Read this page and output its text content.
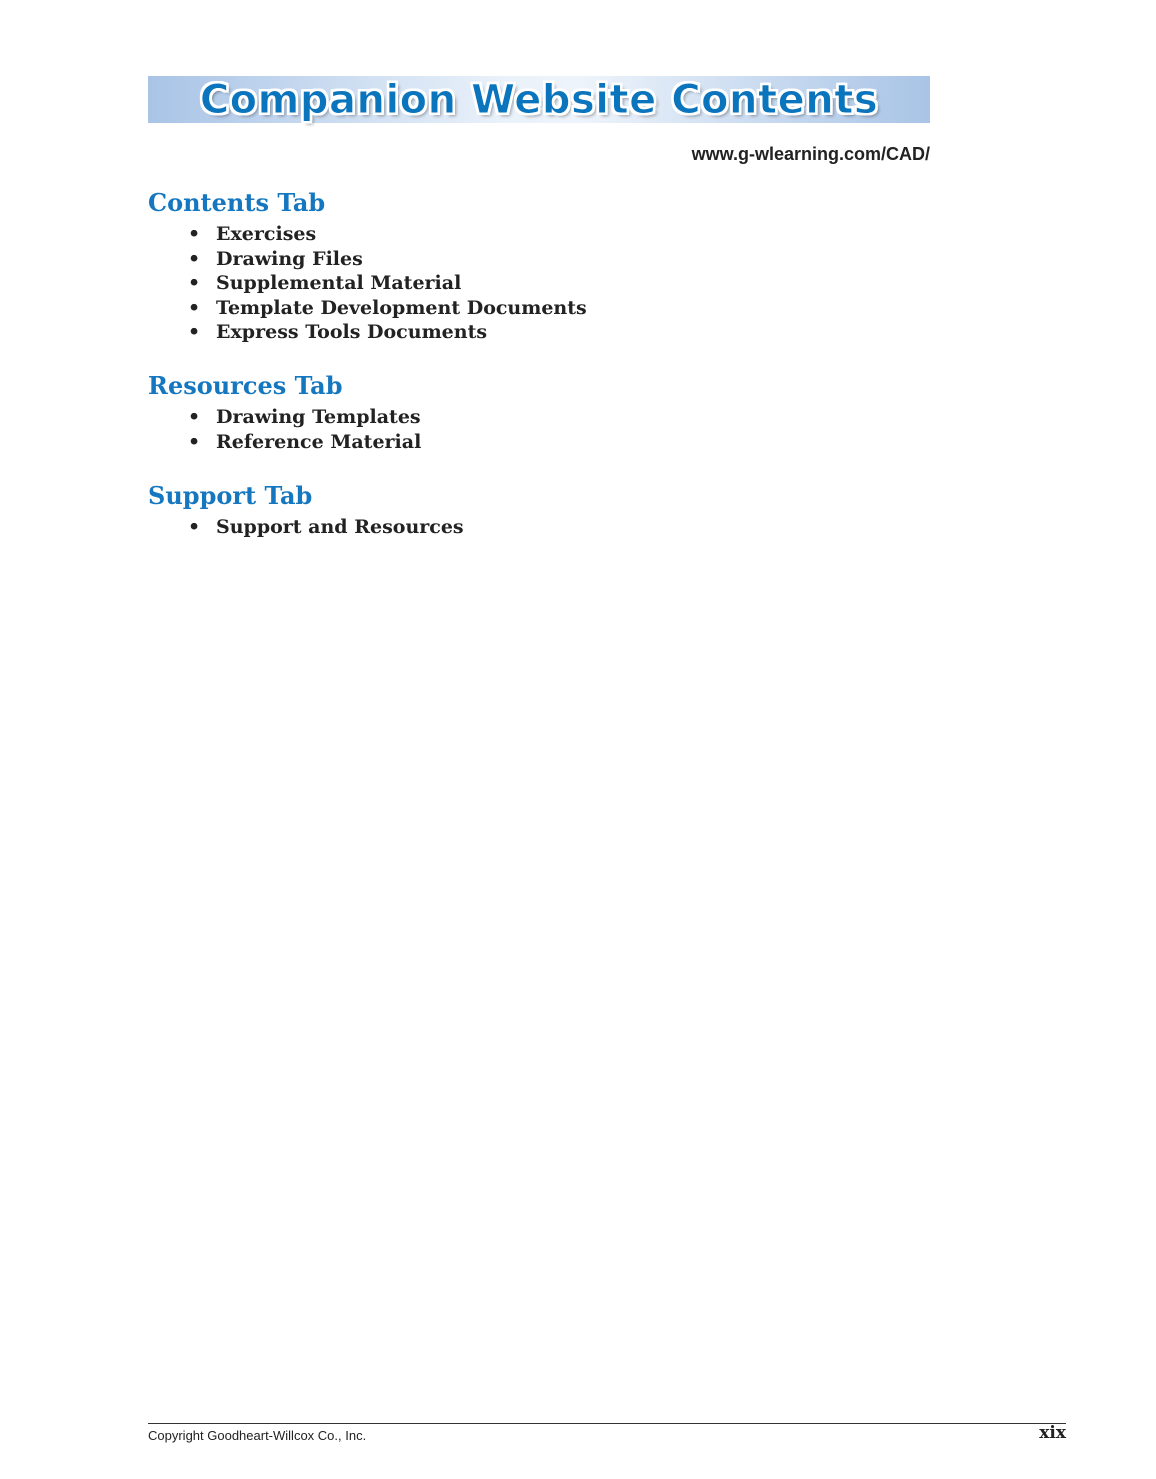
Companion Website Contents
www.g-wlearning.com/CAD/
Contents Tab
• Exercises
• Drawing Files
• Supplemental Material
• Template Development Documents
• Express Tools Documents
Resources Tab
• Drawing Templates
• Reference Material
Support Tab
• Support and Resources
Copyright Goodheart-Willcox Co., Inc.	xix
